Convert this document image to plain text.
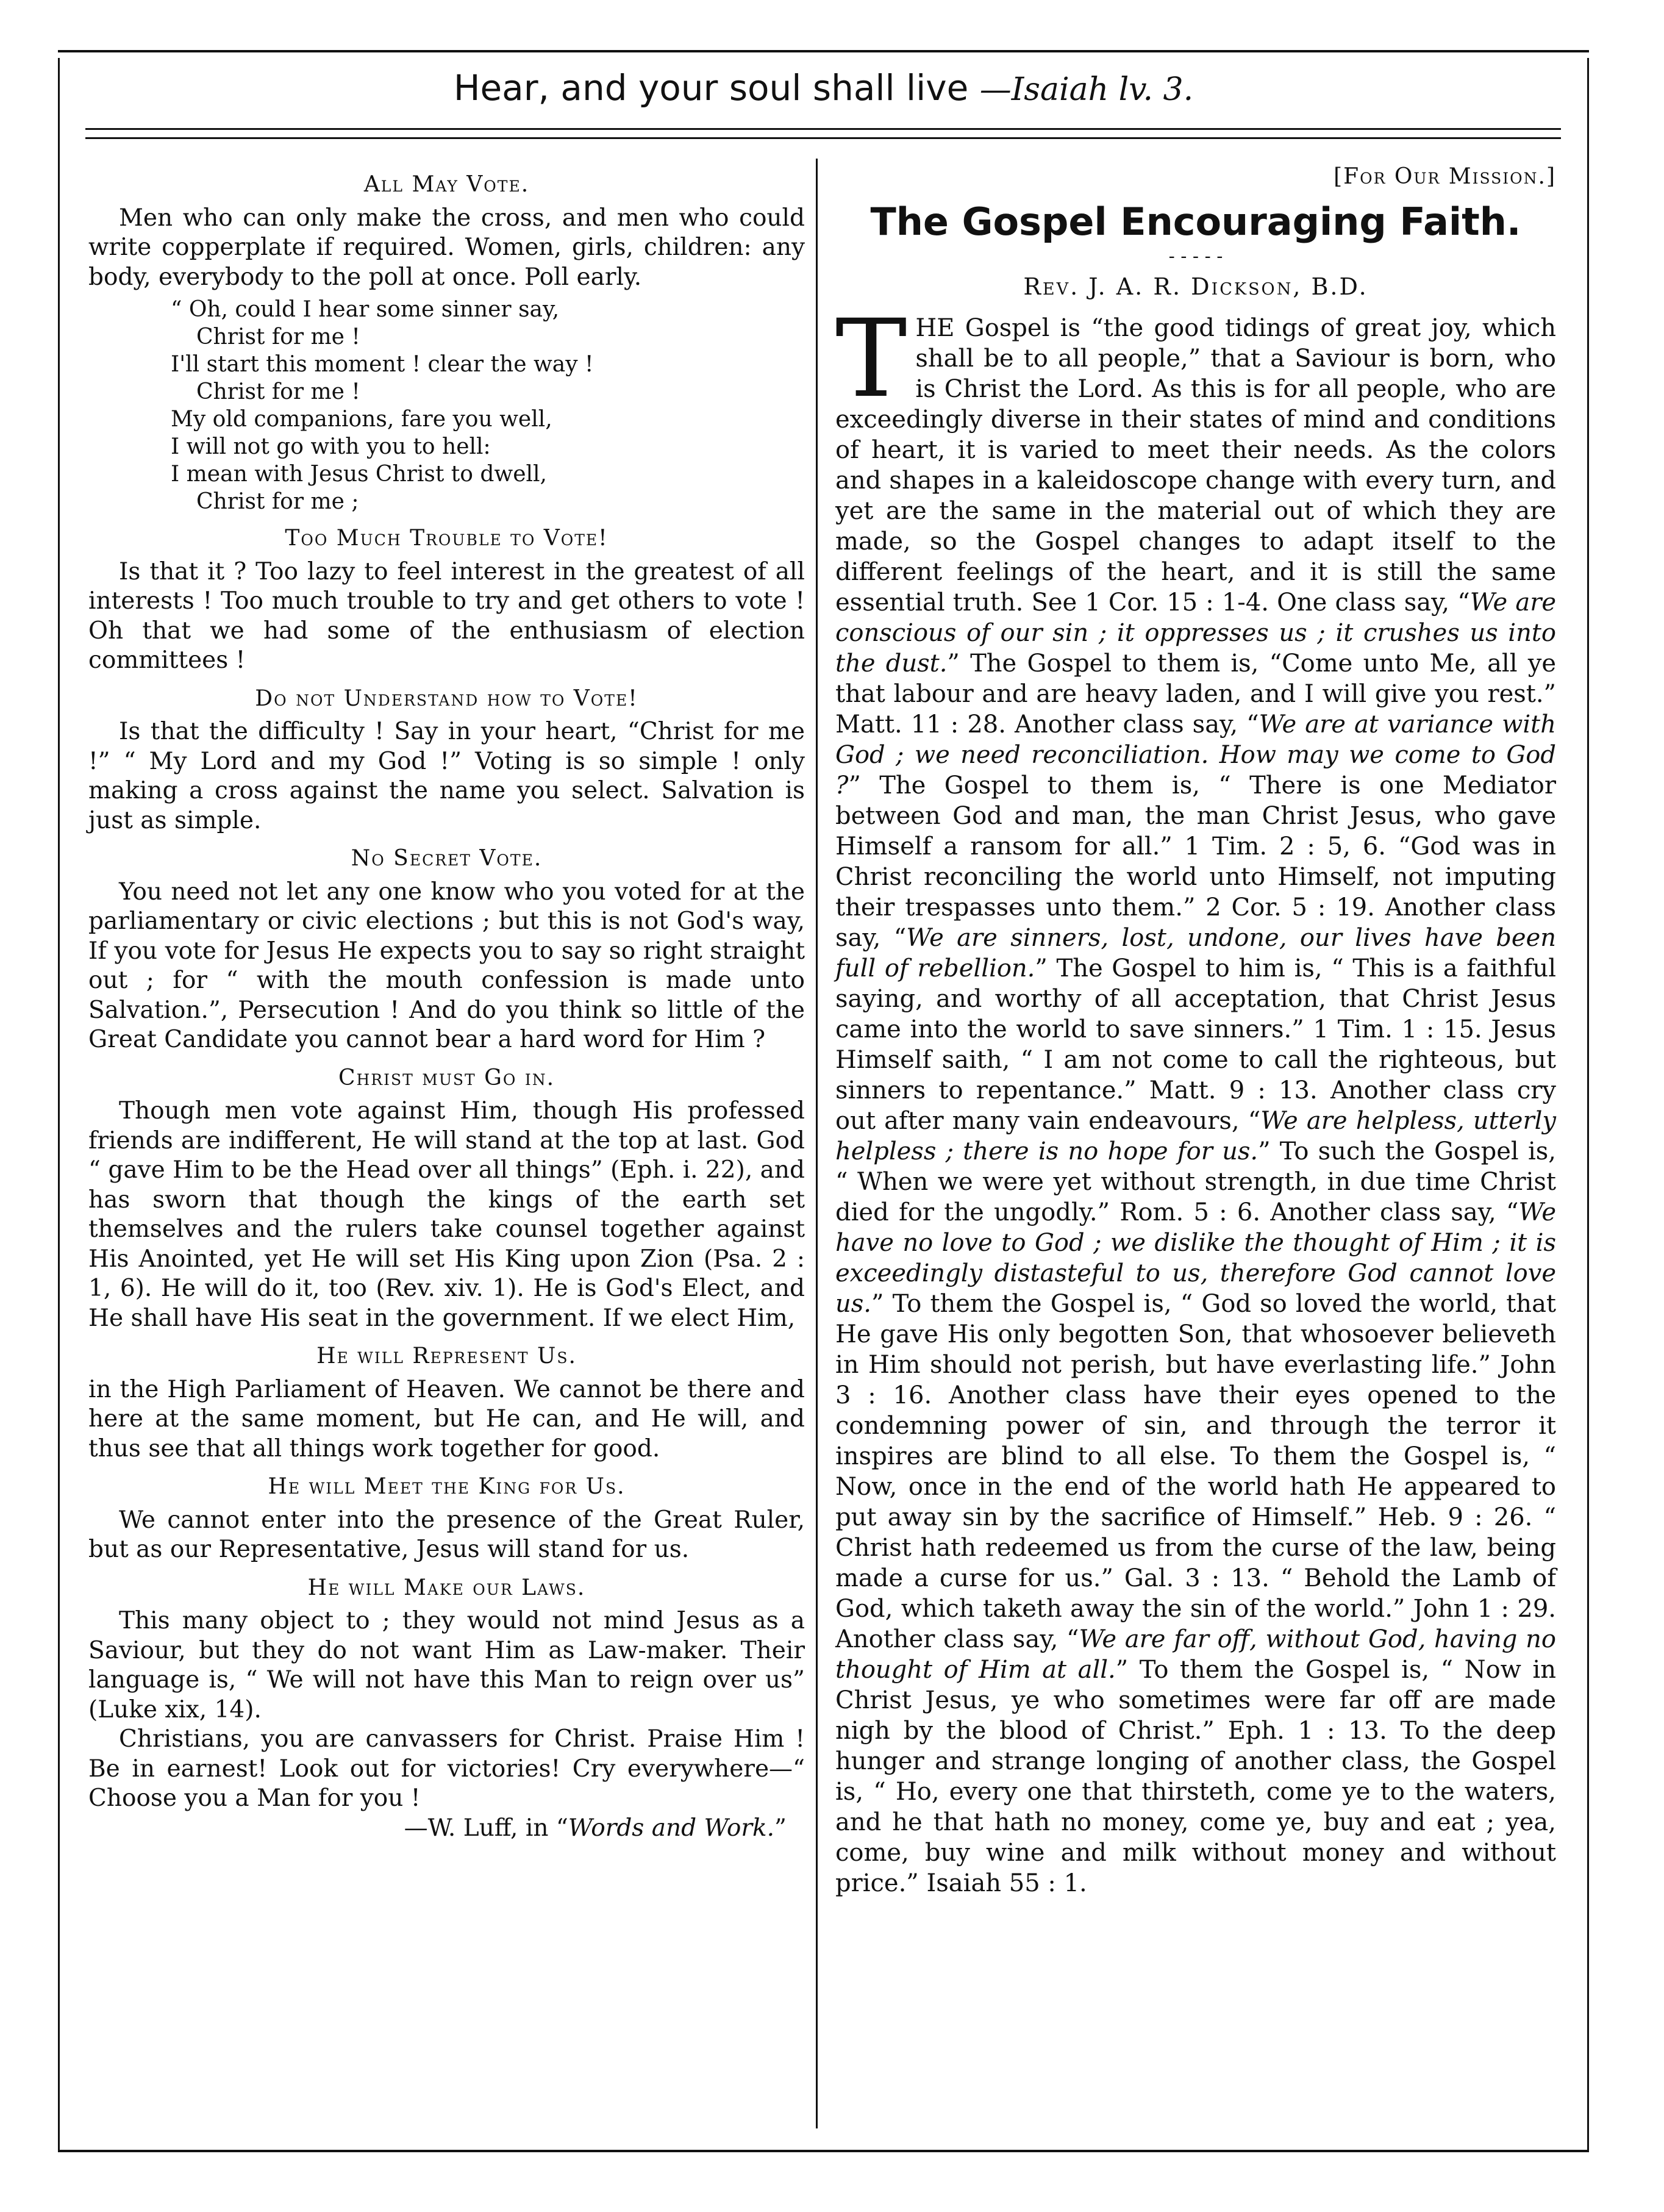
Hear, and your soul shall live —Isaiah lv. 3.
All May Vote.

Men who can only make the cross, and men who could write copperplate if required. Women, girls, children: any body, everybody to the poll at once. Poll early.

“ Oh, could I hear some sinner say,
Christ for me !
I'll start this moment ! clear the way !
Christ for me !
My old companions, fare you well,
I will not go with you to hell:
I mean with Jesus Christ to dwell,
Christ for me ;
Too Much Trouble to Vote!

Is that it ? Too lazy to feel interest in the greatest of all interests ! Too much trouble to try and get others to vote ! Oh that we had some of the enthusiasm of election committees !

Do not Understand how to Vote!

Is that the difficulty ! Say in your heart, “Christ for me !” “ My Lord and my God !” Voting is so simple ! only making a cross against the name you select. Salvation is just as simple.

No Secret Vote.

You need not let any one know who you voted for at the parliamentary or civic elections ; but this is not God's way, If you vote for Jesus He expects you to say so right straight out ; for “ with the mouth confession is made unto Salvation.”, Persecution ! And do you think so little of the Great Candidate you cannot bear a hard word for Him ?

Christ must Go in.

Though men vote against Him, though His professed friends are indifferent, He will stand at the top at last. God “ gave Him to be the Head over all things” (Eph. i. 22), and has sworn that though the kings of the earth set themselves and the rulers take counsel together against His Anointed, yet He will set His King upon Zion (Psa. 2 : 1, 6). He will do it, too (Rev. xiv. 1). He is God's Elect, and He shall have His seat in the government. If we elect Him,

He will Represent Us.

in the High Parliament of Heaven. We cannot be there and here at the same moment, but He can, and He will, and thus see that all things work together for good.

He will Meet the King for Us.

We cannot enter into the presence of the Great Ruler, but as our Representative, Jesus will stand for us.

He will Make our Laws.

This many object to ; they would not mind Jesus as a Saviour, but they do not want Him as Law-maker. Their language is, “ We will not have this Man to reign over us” (Luke xix, 14).

Christians, you are canvassers for Christ. Praise Him ! Be in earnest! Look out for victories! Cry everywhere—“ Choose you a Man for you !

—W. Luff, in “Words and Work.”
[For Our Mission.]
The Gospel Encouraging Faith.
- - - - -
Rev. J. A. R. Dickson, B.D.

THE Gospel is “the good tidings of great joy, which shall be to all people,” that a Saviour is born, who is Christ the Lord. As this is for all people, who are exceedingly diverse in their states of mind and conditions of heart, it is varied to meet their needs. As the colors and shapes in a kaleidoscope change with every turn, and yet are the same in the material out of which they are made, so the Gospel changes to adapt itself to the different feelings of the heart, and it is still the same essential truth. See 1 Cor. 15 : 1-4. One class say, “We are conscious of our sin ; it oppresses us ; it crushes us into the dust.” The Gospel to them is, “Come unto Me, all ye that labour and are heavy laden, and I will give you rest.” Matt. 11 : 28. Another class say, “We are at variance with God ; we need reconciliation. How may we come to God ?” The Gospel to them is, “ There is one Mediator between God and man, the man Christ Jesus, who gave Himself a ransom for all.” 1 Tim. 2 : 5, 6. “God was in Christ reconciling the world unto Himself, not imputing their trespasses unto them.” 2 Cor. 5 : 19. Another class say, “We are sinners, lost, undone, our lives have been full of rebellion.” The Gospel to him is, “ This is a faithful saying, and worthy of all acceptation, that Christ Jesus came into the world to save sinners.” 1 Tim. 1 : 15. Jesus Himself saith, “ I am not come to call the righteous, but sinners to repentance.” Matt. 9 : 13. Another class cry out after many vain endeavours, “We are helpless, utterly helpless ; there is no hope for us.” To such the Gospel is, “ When we were yet without strength, in due time Christ died for the ungodly.” Rom. 5 : 6. Another class say, “We have no love to God ; we dislike the thought of Him ; it is exceedingly distasteful to us, therefore God cannot love us.” To them the Gospel is, “ God so loved the world, that He gave His only begotten Son, that whosoever believeth in Him should not perish, but have everlasting life.” John 3 : 16. Another class have their eyes opened to the condemning power of sin, and through the terror it inspires are blind to all else. To them the Gospel is, “ Now, once in the end of the world hath He appeared to put away sin by the sacrifice of Himself.” Heb. 9 : 26. “ Christ hath redeemed us from the curse of the law, being made a curse for us.” Gal. 3 : 13. “ Behold the Lamb of God, which taketh away the sin of the world.” John 1 : 29. Another class say, “We are far off, without God, having no thought of Him at all.” To them the Gospel is, “ Now in Christ Jesus, ye who sometimes were far off are made nigh by the blood of Christ.” Eph. 1 : 13. To the deep hunger and strange longing of another class, the Gospel is, “ Ho, every one that thirsteth, come ye to the waters, and he that hath no money, come ye, buy and eat ; yea, come, buy wine and milk without money and without price.” Isaiah 55 : 1.
